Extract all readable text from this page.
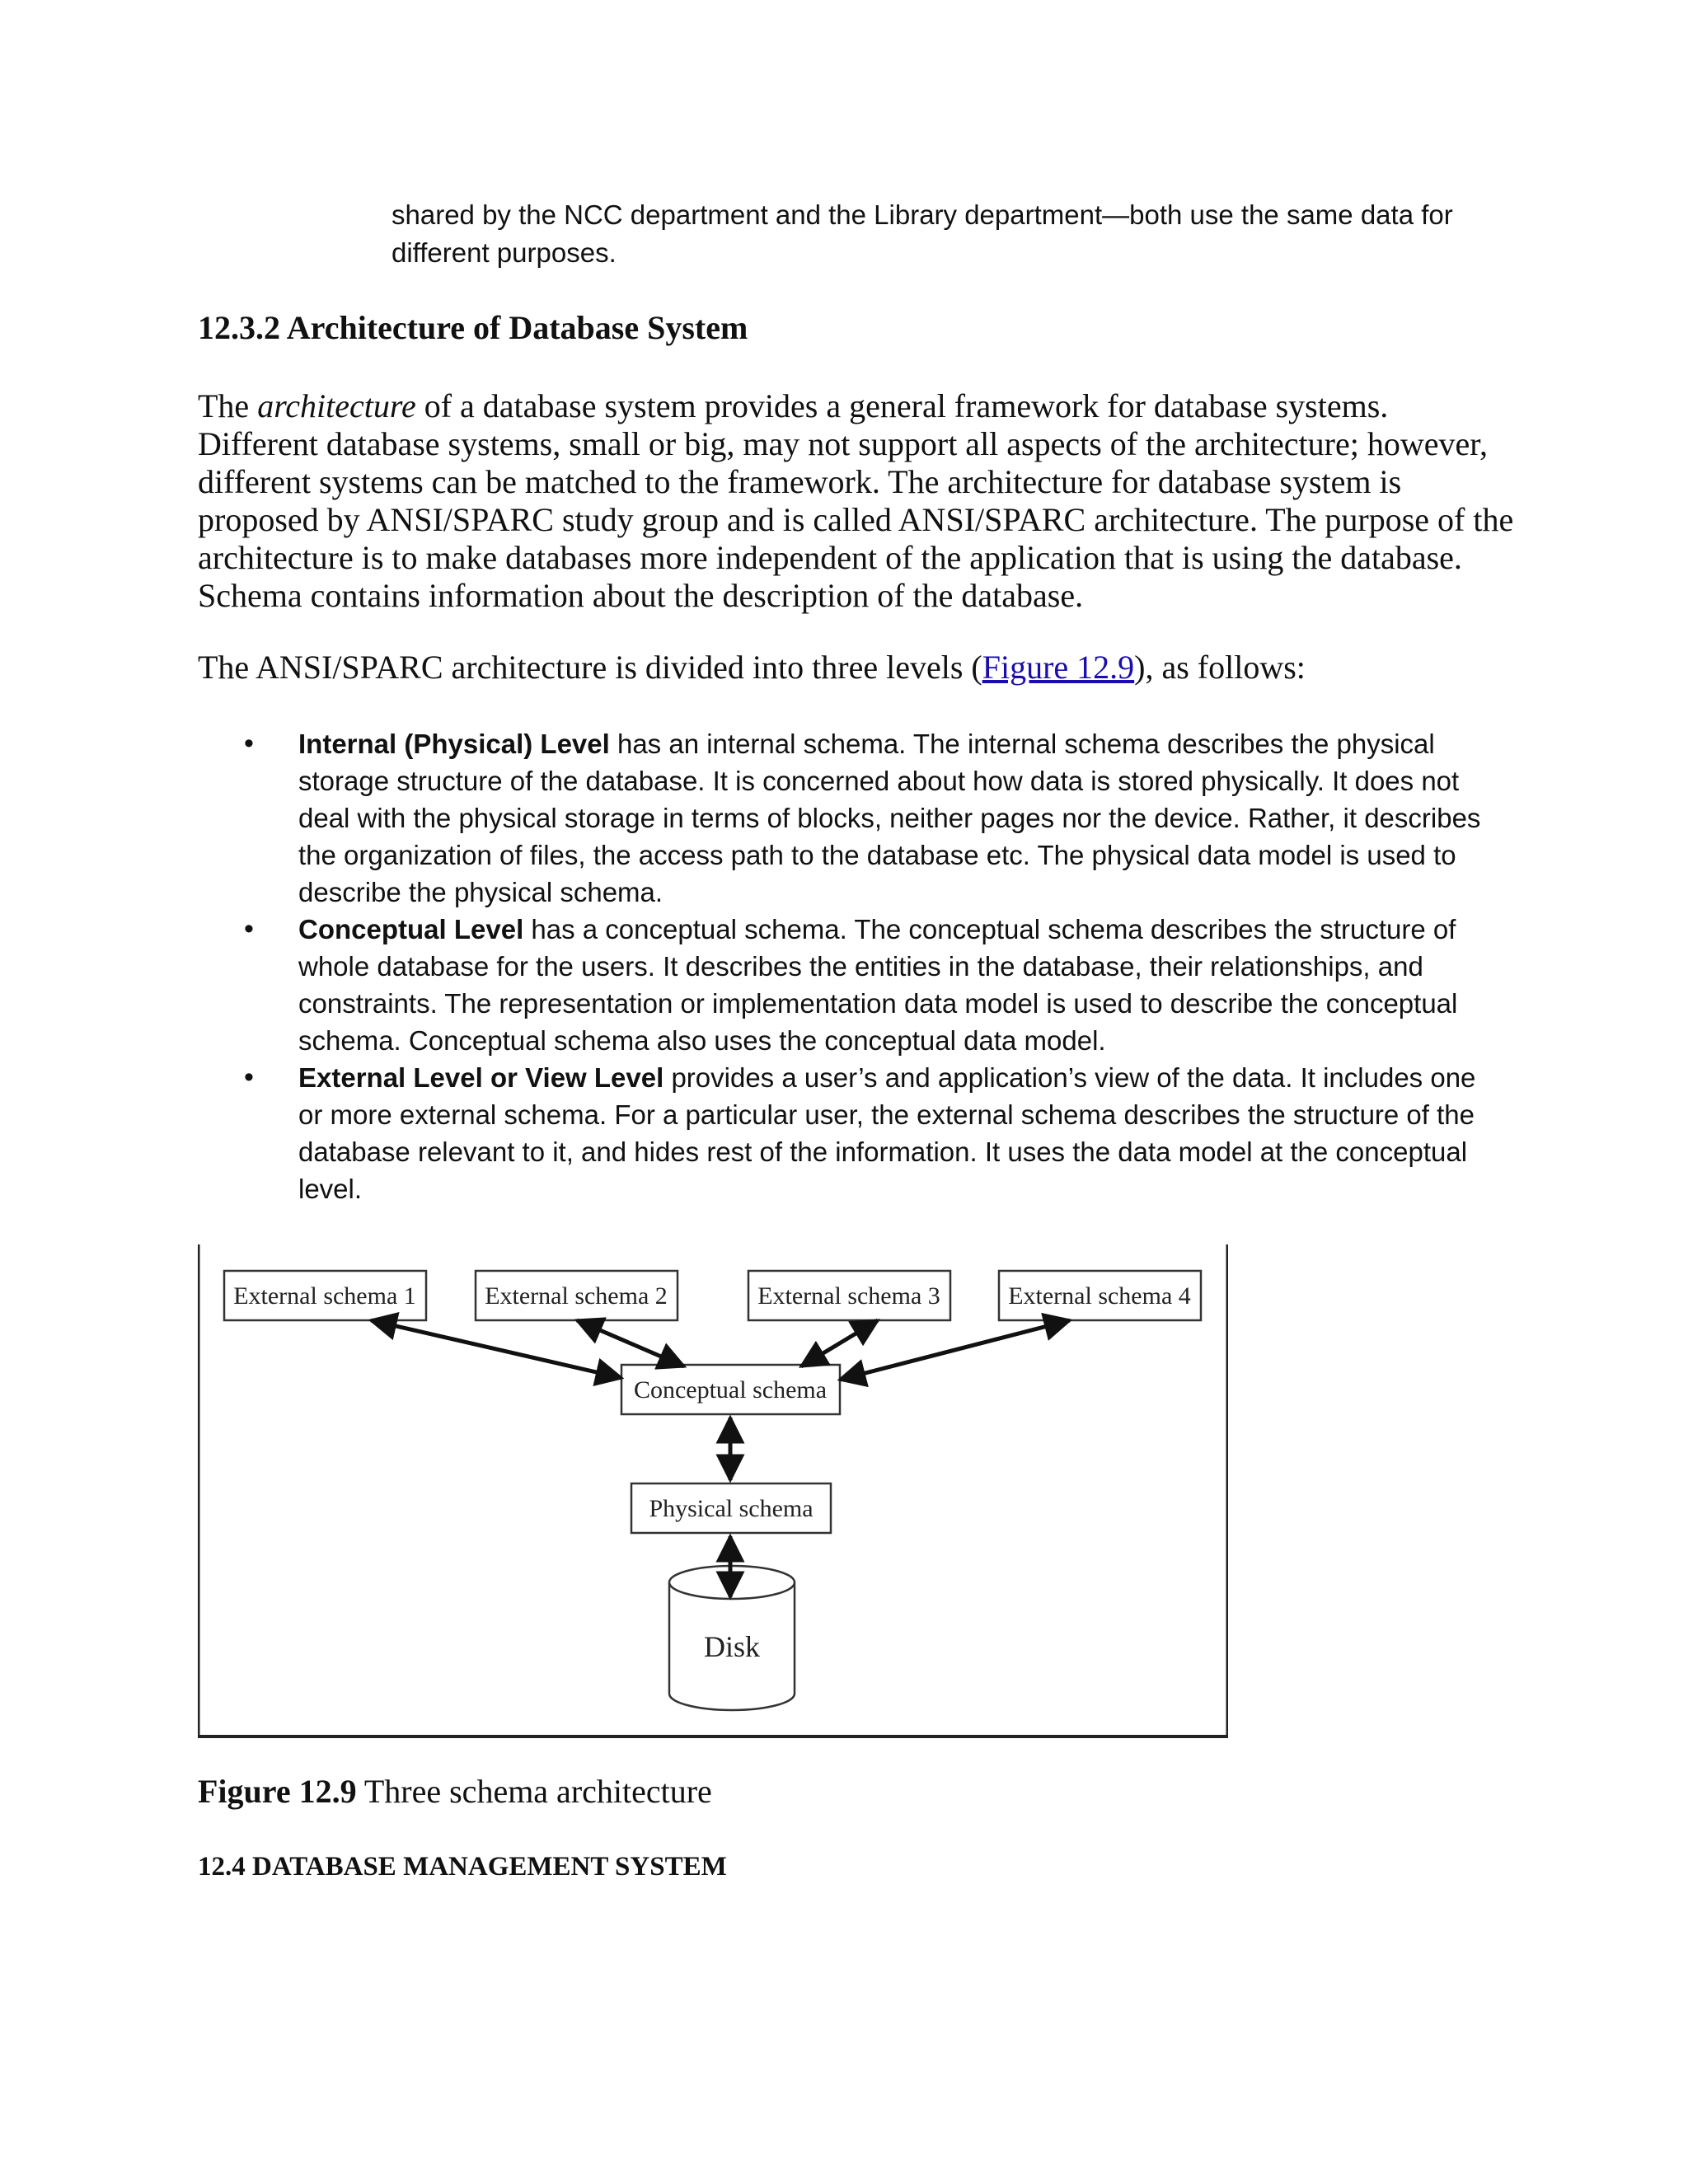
shared by the NCC department and the Library department—both use the same data for different purposes.
12.3.2 Architecture of Database System
The architecture of a database system provides a general framework for database systems. Different database systems, small or big, may not support all aspects of the architecture; however, different systems can be matched to the framework. The architecture for database system is proposed by ANSI/SPARC study group and is called ANSI/SPARC architecture. The purpose of the architecture is to make databases more independent of the application that is using the database. Schema contains information about the description of the database.
The ANSI/SPARC architecture is divided into three levels (Figure 12.9), as follows:
• Internal (Physical) Level has an internal schema. The internal schema describes the physical storage structure of the database. It is concerned about how data is stored physically. It does not deal with the physical storage in terms of blocks, neither pages nor the device. Rather, it describes the organization of files, the access path to the database etc. The physical data model is used to describe the physical schema.
• Conceptual Level has a conceptual schema. The conceptual schema describes the structure of whole database for the users. It describes the entities in the database, their relationships, and constraints. The representation or implementation data model is used to describe the conceptual schema. Conceptual schema also uses the conceptual data model.
• External Level or View Level provides a user’s and application’s view of the data. It includes one or more external schema. For a particular user, the external schema describes the structure of the database relevant to it, and hides rest of the information. It uses the data model at the conceptual level.
External schema 1	External schema 2	External schema 3	External schema 4
Conceptual schema
Physical schema
Disk
Figure 12.9 Three schema architecture
12.4 DATABASE MANAGEMENT SYSTEM
